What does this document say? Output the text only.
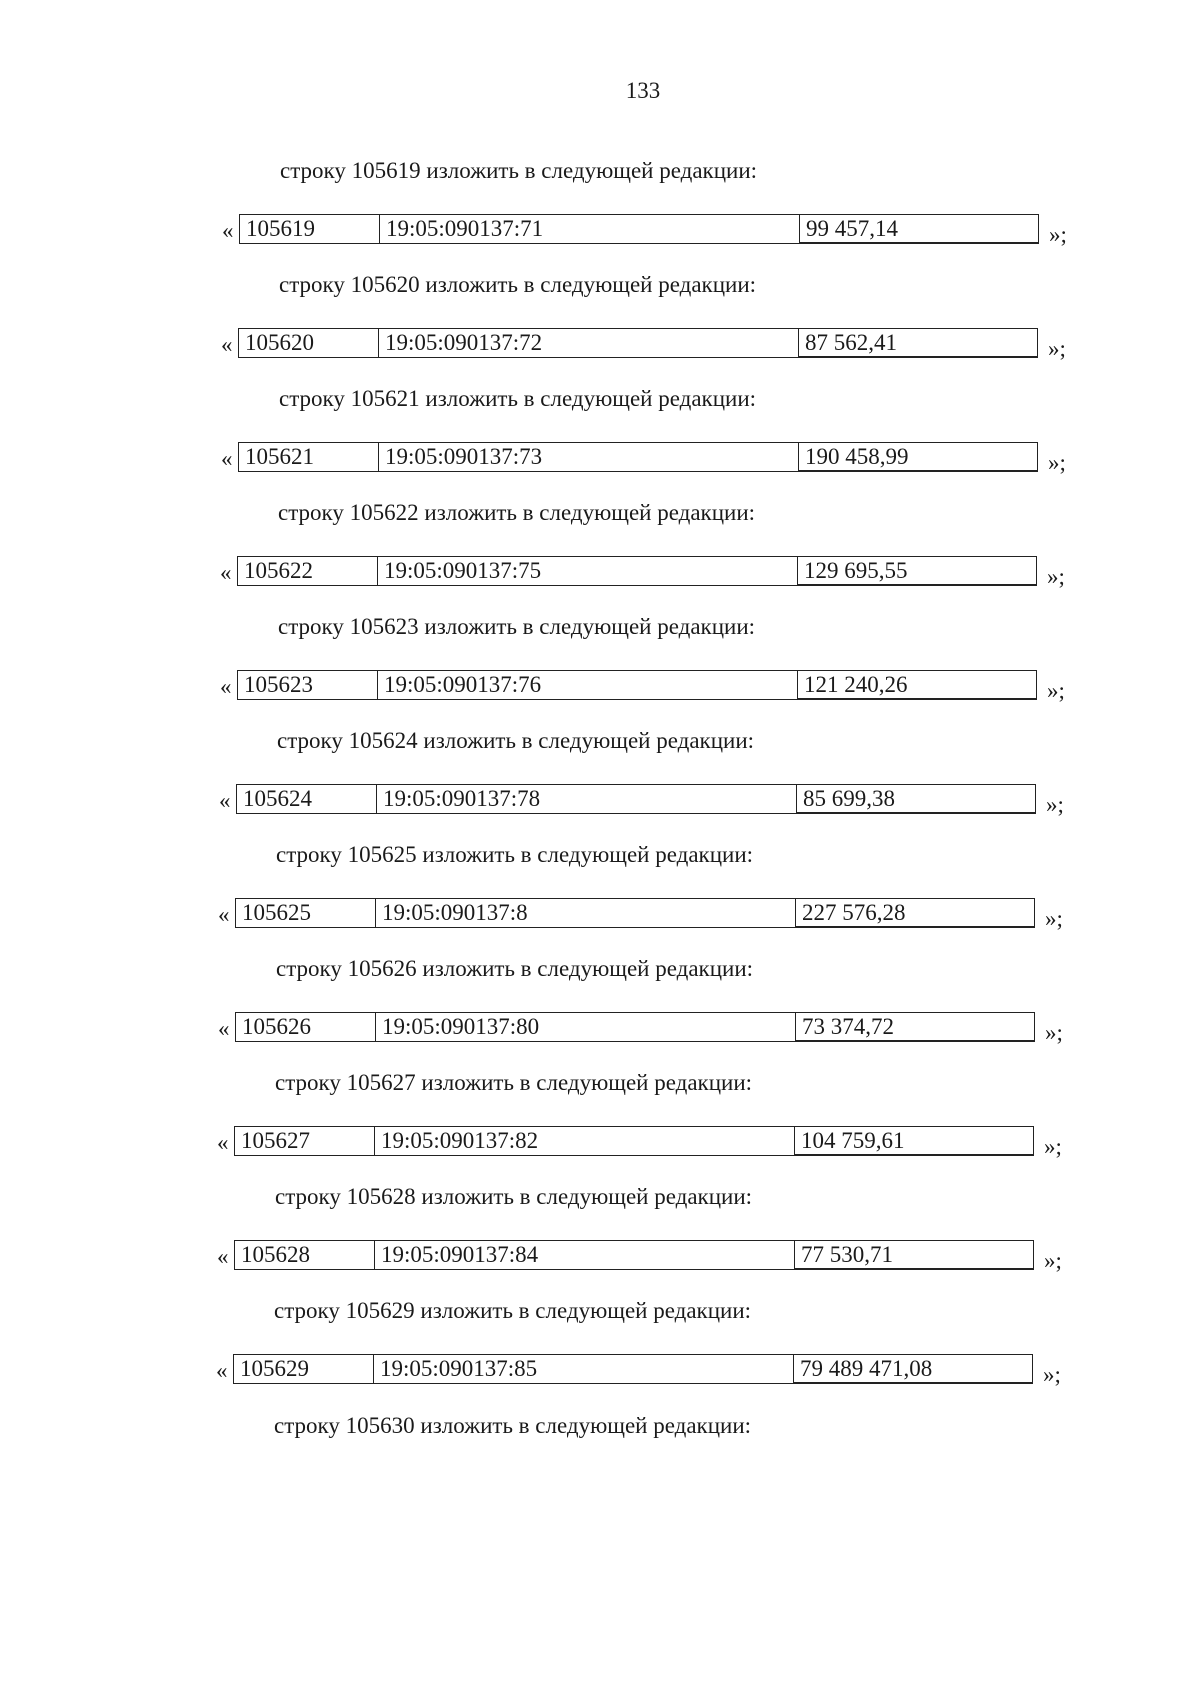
133
строку 105619 изложить в следующей редакции:
« 105619	19:05:090137:71	99 457,14	»;
строку 105620 изложить в следующей редакции:
« 105620	19:05:090137:72	87 562,41	»;
строку 105621 изложить в следующей редакции:
« 105621	19:05:090137:73	190 458,99	»;
строку 105622 изложить в следующей редакции:
« 105622	19:05:090137:75	129 695,55	»;
строку 105623 изложить в следующей редакции:
« 105623	19:05:090137:76	121 240,26	»;
строку 105624 изложить в следующей редакции:
« 105624	19:05:090137:78	85 699,38	»;
строку 105625 изложить в следующей редакции:
« 105625	19:05:090137:8	227 576,28	»;
строку 105626 изложить в следующей редакции:
« 105626	19:05:090137:80	73 374,72	»;
строку 105627 изложить в следующей редакции:
« 105627	19:05:090137:82	104 759,61	»;
строку 105628 изложить в следующей редакции:
« 105628	19:05:090137:84	77 530,71	»;
строку 105629 изложить в следующей редакции:
« 105629	19:05:090137:85	79 489 471,08	»;
строку 105630 изложить в следующей редакции:
